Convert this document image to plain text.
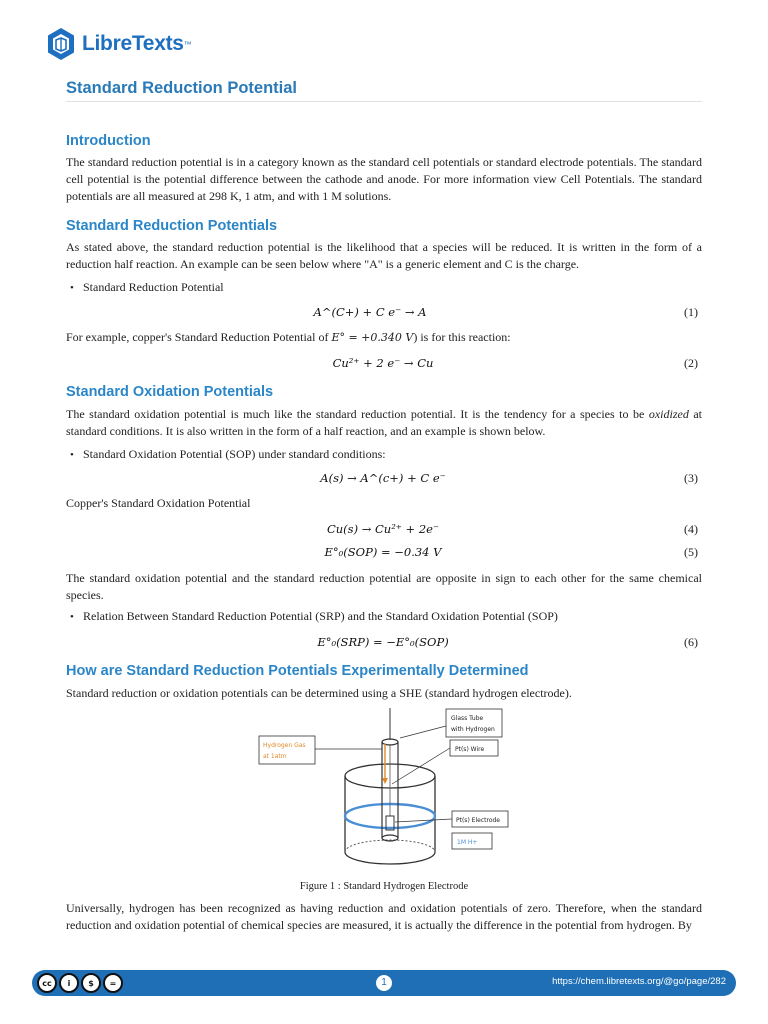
LibreTexts ™
Standard Reduction Potential
Introduction

The standard reduction potential is in a category known as the standard cell potentials or standard electrode potentials. The standard cell potential is the potential difference between the cathode and anode. For more information view Cell Potentials. The standard potentials are all measured at 298 K, 1 atm, and with 1 M solutions.

Standard Reduction Potentials

As stated above, the standard reduction potential is the likelihood that a species will be reduced. It is written in the form of a reduction half reaction. An example can be seen below where "A" is a generic element and C is the charge.

• Standard Reduction Potential
A^(C+) + C e⁻ → A	(1)

For example, copper's Standard Reduction Potential of E° = +0.340 V) is for this reaction:

Cu²⁺ + 2 e⁻ → Cu	(2)
Standard Oxidation Potentials

The standard oxidation potential is much like the standard reduction potential. It is the tendency for a species to be oxidized at standard conditions. It is also written in the form of a half reaction, and an example is shown below.

• Standard Oxidation Potential (SOP) under standard conditions:
A(s) → A^(c+) + C e⁻	(3)

Copper's Standard Oxidation Potential

Cu(s) → Cu²⁺ + 2e⁻	(4)
E°₀(SOP) = −0.34 V	(5)

The standard oxidation potential and the standard reduction potential are opposite in sign to each other for the same chemical species.

• Relation Between Standard Reduction Potential (SRP) and the Standard Oxidation Potential (SOP)
E°₀(SRP) = −E°₀(SOP)	(6)
How are Standard Reduction Potentials Experimentally Determined

Standard reduction or oxidation potentials can be determined using a SHE (standard hydrogen electrode).

Glass Tube
with Hydrogen
Hydrogen Gas
at 1atm
Pt(s) Wire
Pt(s) Electrode
1M H+
Figure 1 : Standard Hydrogen Electrode

Universally, hydrogen has been recognized as having reduction and oxidation potentials of zero. Therefore, when the standard reduction and oxidation potential of chemical species are measured, it is actually the difference in the potential from hydrogen. By

cc	i	$	=	1	https://chem.libretexts.org/@go/page/282
